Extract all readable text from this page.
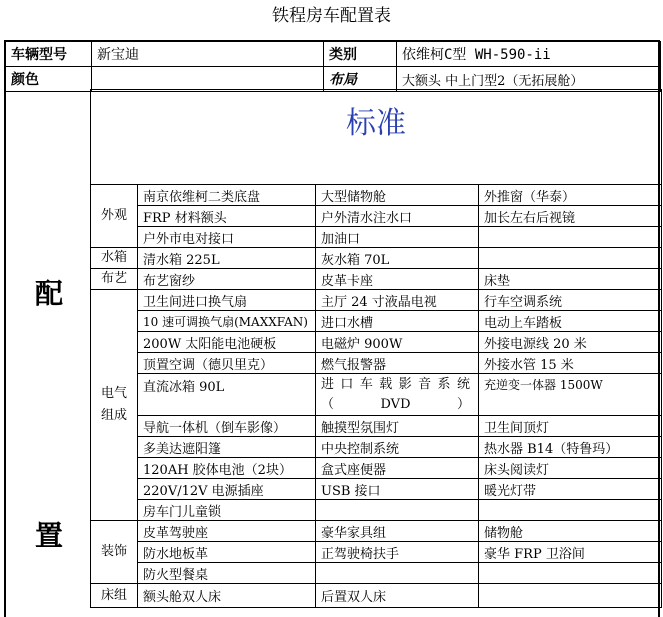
铁程房车配置表
车辆型号	新宝迪	类别	依维柯C型 WH-590-ii
颜色		布局	大额头 中上门型2（无拓展舱）
配
置
标准			
外观	南京依维柯二类底盘	大型储物舱	外推窗（华泰）
	FRP 材料额头	户外清水注水口	加长左右后视镜
	户外市电对接口	加油口	
水箱	清水箱 225L	灰水箱 70L	
布艺	布艺窗纱	皮革卡座	床垫
电气组成	卫生间进口换气扇	主厅 24 寸液晶电视	行车空调系统
	10 速可调换气扇(MAXXFAN)	进口水槽	电动上车踏板
	200W 太阳能电池硬板	电磁炉 900W	外接电源线 20 米
	顶置空调（德贝里克）	燃气报警器	外接水管 15 米
	直流冰箱 90L	进口车载影音系统（DVD）	充逆变一体器 1500W
	导航一体机（倒车影像）	触摸型氛围灯	卫生间顶灯
	多美达遮阳篷	中央控制系统	热水器 B14（特鲁玛）
	120AH 胶体电池（2块）	盒式座便器	床头阅读灯
	220V/12V 电源插座	USB 接口	暖光灯带
	房车门儿童锁		
装饰	皮革驾驶座	豪华家具组	储物舱
	防水地板革	正驾驶椅扶手	豪华 FRP 卫浴间
	防火型餐桌		
床组	额头舱双人床	后置双人床	
